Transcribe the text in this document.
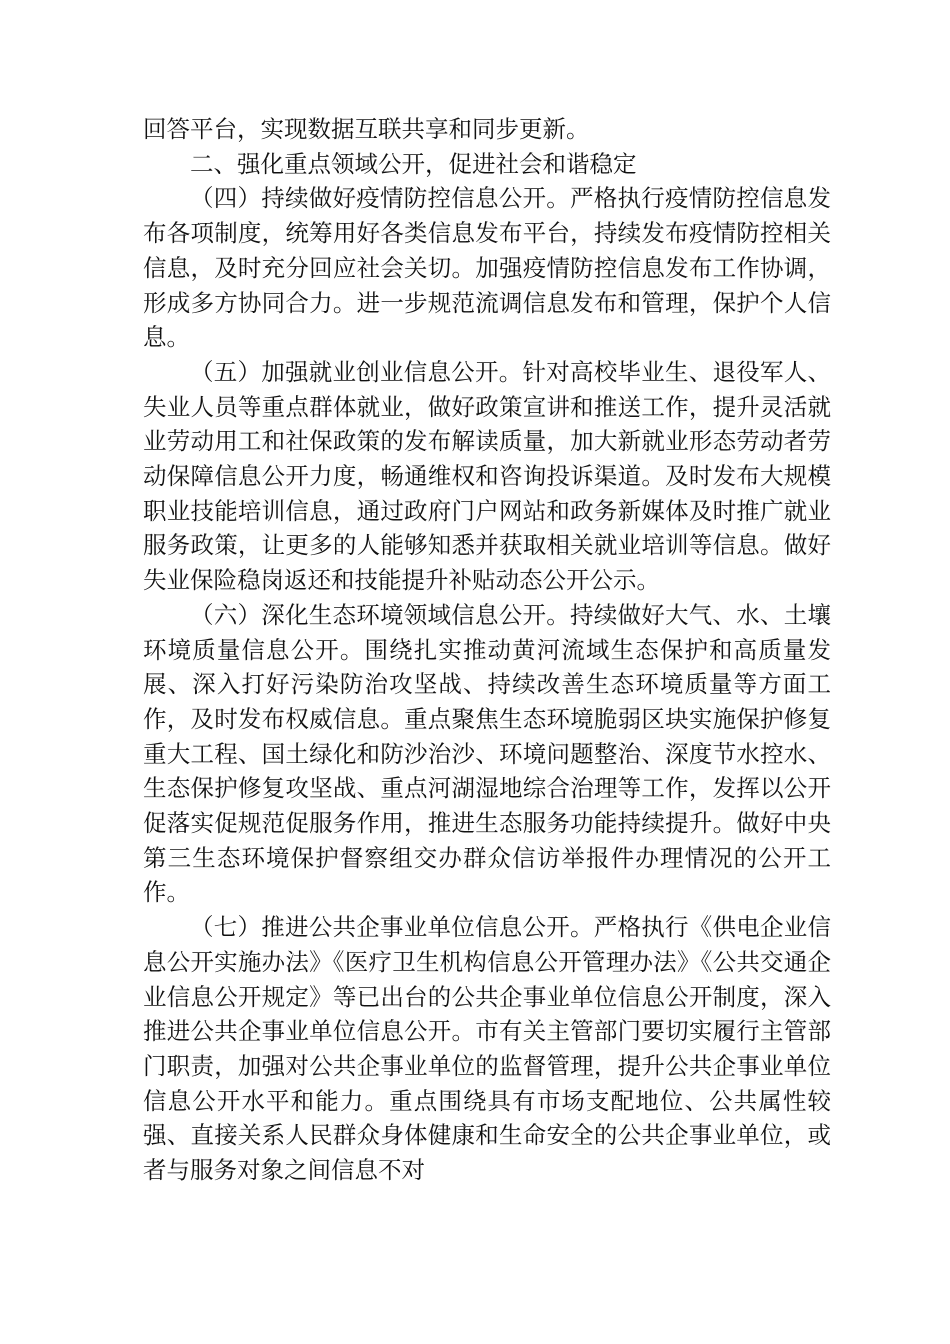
回答平台，实现数据互联共享和同步更新。

二、强化重点领域公开，促进社会和谐稳定

（四）持续做好疫情防控信息公开。严格执行疫情防控信息发布各项制度，统筹用好各类信息发布平台，持续发布疫情防控相关信息，及时充分回应社会关切。加强疫情防控信息发布工作协调，形成多方协同合力。进一步规范流调信息发布和管理，保护个人信息。

（五）加强就业创业信息公开。针对高校毕业生、退役军人、失业人员等重点群体就业，做好政策宣讲和推送工作，提升灵活就业劳动用工和社保政策的发布解读质量，加大新就业形态劳动者劳动保障信息公开力度，畅通维权和咨询投诉渠道。及时发布大规模职业技能培训信息，通过政府门户网站和政务新媒体及时推广就业服务政策，让更多的人能够知悉并获取相关就业培训等信息。做好失业保险稳岗返还和技能提升补贴动态公开公示。

（六）深化生态环境领域信息公开。持续做好大气、水、土壤环境质量信息公开。围绕扎实推动黄河流域生态保护和高质量发展、深入打好污染防治攻坚战、持续改善生态环境质量等方面工作，及时发布权威信息。重点聚焦生态环境脆弱区块实施保护修复重大工程、国土绿化和防沙治沙、环境问题整治、深度节水控水、生态保护修复攻坚战、重点河湖湿地综合治理等工作，发挥以公开促落实促规范促服务作用，推进生态服务功能持续提升。做好中央第三生态环境保护督察组交办群众信访举报件办理情况的公开工作。

（七）推进公共企事业单位信息公开。严格执行《供电企业信息公开实施办法》《医疗卫生机构信息公开管理办法》《公共交通企业信息公开规定》等已出台的公共企事业单位信息公开制度，深入推进公共企事业单位信息公开。市有关主管部门要切实履行主管部门职责，加强对公共企事业单位的监督管理，提升公共企事业单位信息公开水平和能力。重点围绕具有市场支配地位、公共属性较强、直接关系人民群众身体健康和生命安全的公共企事业单位，或者与服务对象之间信息不对
